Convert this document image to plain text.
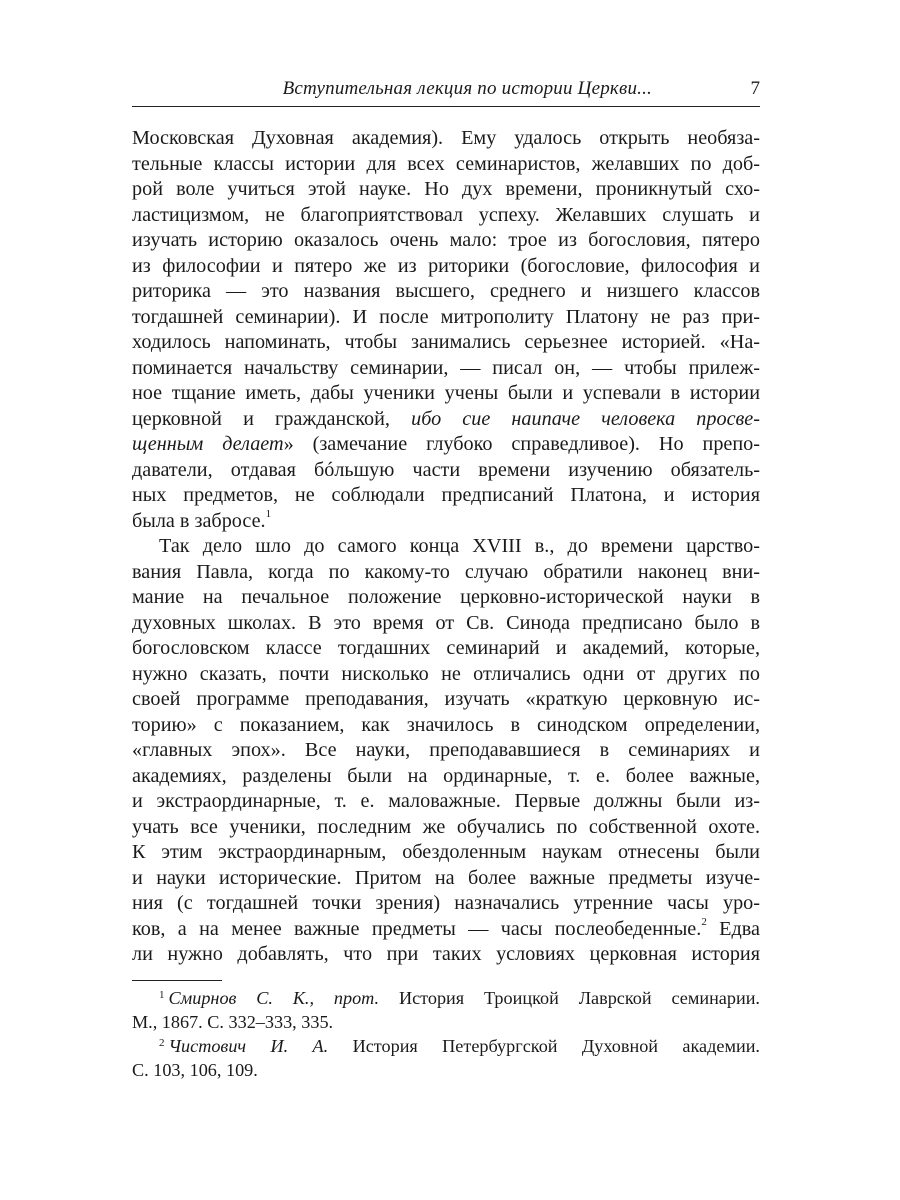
Вступительная лекция по истории Церкви...	7
Московская Духовная академия). Ему удалось открыть необяза-
тельные классы истории для всех семинаристов, желавших по доб-
рой воле учиться этой науке. Но дух времени, проникнутый схо-
ластицизмом, не благоприятствовал успеху. Желавших слушать и
изучать историю оказалось очень мало: трое из богословия, пятеро
из философии и пятеро же из риторики (богословие, философия и
риторика — это названия высшего, среднего и низшего классов
тогдашней семинарии). И после митрополиту Платону не раз при-
ходилось напоминать, чтобы занимались серьезнее историей. «На-
поминается начальству семинарии, — писал он, — чтобы прилеж-
ное тщание иметь, дабы ученики учены были и успевали в истории
церковной и гражданской, ибо сие наипаче человека просве-
щенным делает» (замечание глубоко справедливое). Но препо-
даватели, отдавая бóльшую части времени изучению обязатель-
ных предметов, не соблюдали предписаний Платона, и история
была в забросе.$^1$
Так дело шло до самого конца XVIII в., до времени царство-
вания Павла, когда по какому-то случаю обратили наконец вни-
мание на печальное положение церковно-исторической науки в
духовных школах. В это время от Св. Синода предписано было в
богословском классе тогдашних семинарий и академий, которые,
нужно сказать, почти нисколько не отличались одни от других по
своей программе преподавания, изучать «краткую церковную ис-
торию» с показанием, как значилось в синодском определении,
«главных эпох». Все науки, преподававшиеся в семинариях и
академиях, разделены были на ординарные, т. е. более важные,
и экстраординарные, т. е. маловажные. Первые должны были из-
учать все ученики, последним же обучались по собственной охоте.
К этим экстраординарным, обездоленным наукам отнесены были
и науки исторические. Притом на более важные предметы изуче-
ния (с тогдашней точки зрения) назначались утренние часы уро-
ков, а на менее важные предметы — часы послеобеденные.$^2$ Едва
ли нужно добавлять, что при таких условиях церковная история
$^1$ Смирнов С. К., прот. История Троицкой Лаврской семинарии.
М., 1867. С. 332–333, 335.
$^2$ Чистович И. А. История Петербургской Духовной академии.
С. 103, 106, 109.
